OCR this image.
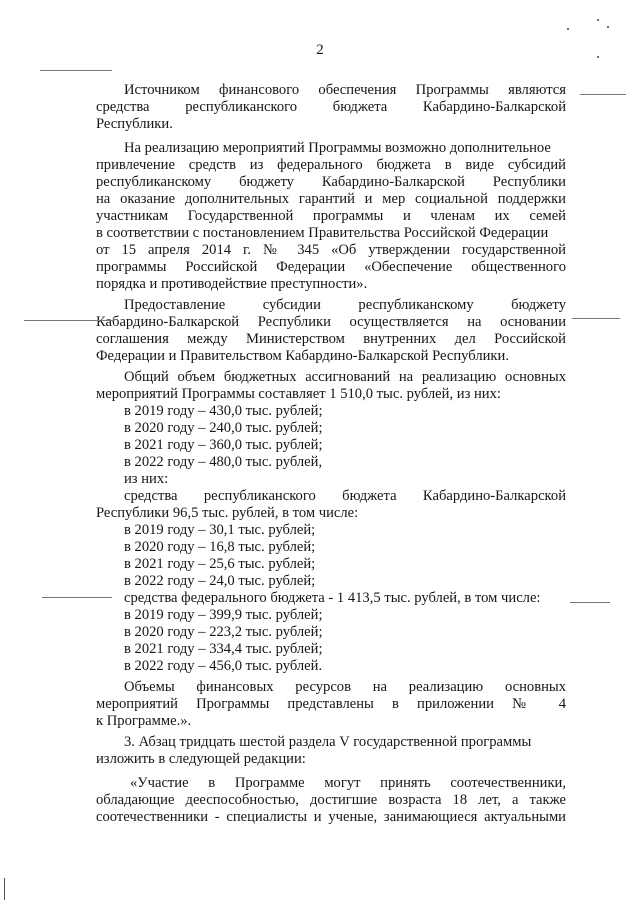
2
Источником финансового обеспечения Программы являются
средства республиканского бюджета Кабардино-Балкарской
Республики.
На реализацию мероприятий Программы возможно дополнительное
привлечение средств из федерального бюджета в виде субсидий
республиканскому бюджету Кабардино-Балкарской Республики
на оказание дополнительных гарантий и мер социальной поддержки
участникам Государственной программы и членам их семей
в соответствии с постановлением Правительства Российской Федерации
от 15 апреля 2014 г. № 345 «Об утверждении государственной
программы Российской Федерации «Обеспечение общественного
порядка и противодействие преступности».
Предоставление субсидии республиканскому бюджету
Кабардино-Балкарской Республики осуществляется на основании
соглашения между Министерством внутренних дел Российской
Федерации и Правительством Кабардино-Балкарской Республики.
Общий объем бюджетных ассигнований на реализацию основных
мероприятий Программы составляет 1 510,0 тыс. рублей, из них:
в 2019 году – 430,0 тыс. рублей;
в 2020 году – 240,0 тыс. рублей;
в 2021 году – 360,0 тыс. рублей;
в 2022 году – 480,0 тыс. рублей,
из них:
средства республиканского бюджета Кабардино-Балкарской
Республики 96,5 тыс. рублей, в том числе:
в 2019 году – 30,1 тыс. рублей;
в 2020 году – 16,8 тыс. рублей;
в 2021 году – 25,6 тыс. рублей;
в 2022 году – 24,0 тыс. рублей;
средства федерального бюджета - 1 413,5 тыс. рублей, в том числе:
в 2019 году – 399,9 тыс. рублей;
в 2020 году – 223,2 тыс. рублей;
в 2021 году – 334,4 тыс. рублей;
в 2022 году – 456,0 тыс. рублей.
Объемы финансовых ресурсов на реализацию основных
мероприятий Программы представлены в приложении № 4
к Программе.».
3. Абзац тридцать шестой раздела V государственной программы
изложить в следующей редакции:
«Участие в Программе могут принять соотечественники,
обладающие дееспособностью, достигшие возраста 18 лет, а также
соотечественники - специалисты и ученые, занимающиеся актуальными
